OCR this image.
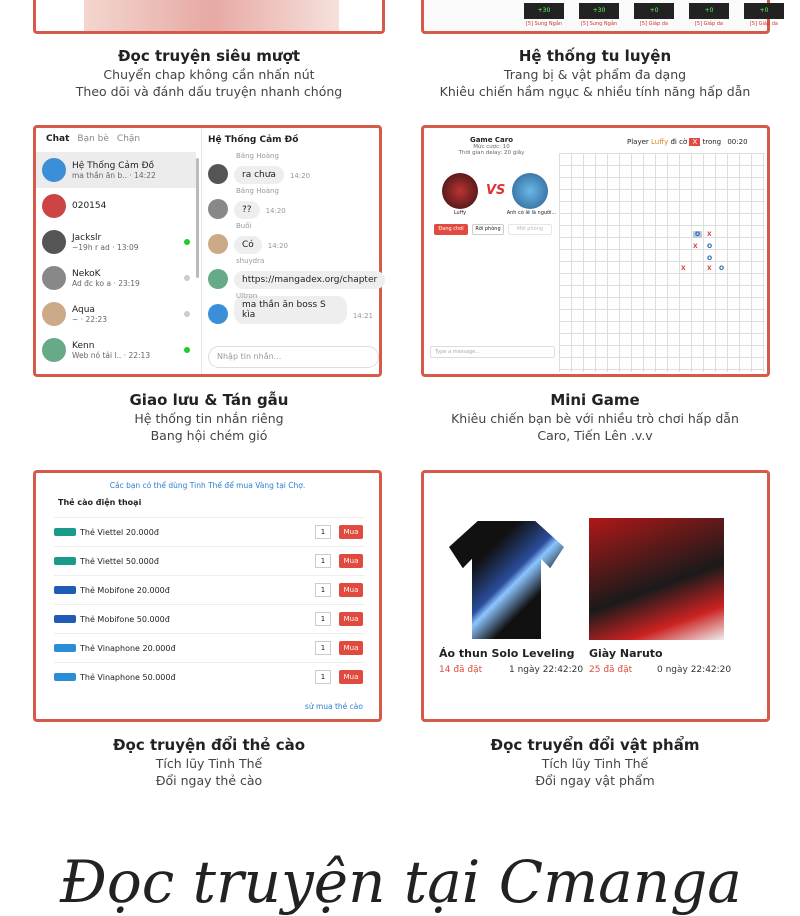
+30
[5] Sung Ngắn
+30
[5] Sung Ngắn
+0
[5] Giáp da
+0
[5] Giáp da
+0
[5] Giáp da
Đọc truyện siêu mượt
Chuyển chap không cần nhấn nút
Theo dõi và đánh dấu truyện nhanh chóng
Hệ thống tu luyện
Trang bị & vật phẩm đa dạng
Khiêu chiến hầm ngục & nhiều tính năng hấp dẫn
Chat Bạn bè Chặn
Hệ Thống Cảm Đồ
ma thần ăn b.. · 14:22
020154
Jackslr
~19h r ad · 13:09
NekoK
Ad đc ko a · 23:19
Aqua
~ · 22:23
Kenn
Web nó tải l.. · 22:13
Hệ Thống Cảm Đồ
Băng Hoàng
ra chưa	14:20
Băng Hoàng
??	14:20
Buồi
Có	14:20
shuydra
https://mangadex.org/chapter
Ultron
ma thần ăn boss S kìa	14:21
Nhập tin nhắn...
Giao lưu & Tán gẫu
Hệ thống tin nhắn riêng
Bang hội chém gió
Game Caro
Mức cược: 10
Thời gian delay: 20 giây
VS
Luffy	Anh có lẽ là người...
Đang chơi	Rời phòng	Mời phòng
Type a message...
Player Luffy đi cờ X trong 00:20
O	X
O
X
O
X	X O
Mini Game
Khiêu chiến bạn bè với nhiều trò chơi hấp dẫn
Caro, Tiến Lên .v.v
Các bạn có thể dùng Tinh Thế để mua Vàng tại Chợ.
Thẻ cào điện thoại
Thẻ Viettel 20.000đ	1	Mua
Thẻ Viettel 50.000đ	1	Mua
Thẻ Mobifone 20.000đ	1	Mua
Thẻ Mobifone 50.000đ	1	Mua
Thẻ Vinaphone 20.000đ	1	Mua
Thẻ Vinaphone 50.000đ	1	Mua
sử mua thẻ cào
Đọc truyện đổi thẻ cào
Tích lũy Tinh Thế
Đổi ngay thẻ cào
Áo thun Solo Leveling
14 đã đặt	1 ngày 22:42:20
Giày Naruto
25 đã đặt	0 ngày 22:42:20
Đọc truyển đổi vật phẩm
Tích lũy Tinh Thế
Đổi ngay vật phẩm
Đọc truyện tại Cmanga
